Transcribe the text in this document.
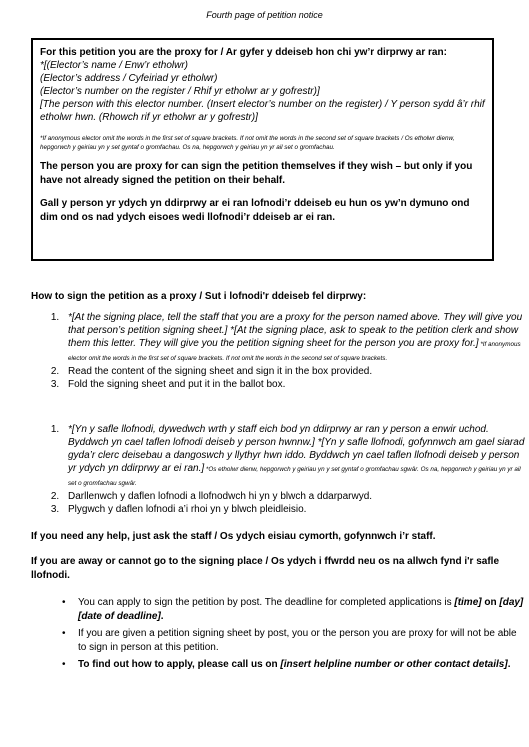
Fourth page of petition notice

For this petition you are the proxy for / Ar gyfer y ddeiseb hon chi yw’r dirprwy ar ran:

*[(Elector’s name / Enw’r etholwr)

(Elector’s address / Cyfeiriad yr etholwr)

(Elector’s number on the register / Rhif yr etholwr ar y gofrestr)]

[The person with this elector number. (Insert elector’s number on the register) / Y person sydd â’r rhif etholwr hwn. (Rhowch rif yr etholwr ar y gofrestr)]

*If anonymous elector omit the words in the first set of square brackets. If not omit the words in the second set of square brackets / Os etholwr dienw, hepgorwch y geiriau yn y set gyntaf o gromfachau. Os na, hepgorwch y geiriau yn yr ail set o gromfachau.

The person you are proxy for can sign the petition themselves if they wish – but only if you have not already signed the petition on their behalf.

Gall y person yr ydych yn ddirprwy ar ei ran lofnodi’r ddeiseb eu hun os yw’n dymuno ond dim ond os nad ydych eisoes wedi llofnodi’r ddeiseb ar ei ran.

How to sign the petition as a proxy / Sut i lofnodi'r ddeiseb fel dirprwy:

1. *[At the signing place, tell the staff that you are a proxy for the person named above. They will give you that person’s petition signing sheet.] *[At the signing place, ask to speak to the petition clerk and show them this letter. They will give you the petition signing sheet for the person you are proxy for.] *If anonymous elector omit the words in the first set of square brackets. If not omit the words in the second set of square brackets.
2. Read the content of the signing sheet and sign it in the box provided.
3. Fold the signing sheet and put it in the ballot box.
1. *[Yn y safle llofnodi, dywedwch wrth y staff eich bod yn ddirprwy ar ran y person a enwir uchod. Byddwch yn cael taflen lofnodi deiseb y person hwnnw.] *[Yn y safle llofnodi, gofynnwch am gael siarad gyda’r clerc deisebau a dangoswch y llythyr hwn iddo. Byddwch yn cael taflen llofnodi deiseb y person yr ydych yn ddirprwy ar ei ran.] *Os etholwr dienw, hepgorwch y geiriau yn y set gyntaf o gromfachau sgwâr. Os na, hepgorwch y geiriau yn yr ail set o gromfachau sgwâr.
2. Darllenwch y daflen lofnodi a llofnodwch hi yn y blwch a ddarparwyd.
3. Plygwch y daflen lofnodi a’i rhoi yn y blwch pleidleisio.

If you need any help, just ask the staff / Os ydych eisiau cymorth, gofynnwch i’r staff.

If you are away or cannot go to the signing place / Os ydych i ffwrdd neu os na allwch fynd i'r safle llofnodi.

• You can apply to sign the petition by post. The deadline for completed applications is [time] on [day] [date of deadline].
• If you are given a petition signing sheet by post, you or the person you are proxy for will not be able to sign in person at this petition.
• To find out how to apply, please call us on [insert helpline number or other contact details].
